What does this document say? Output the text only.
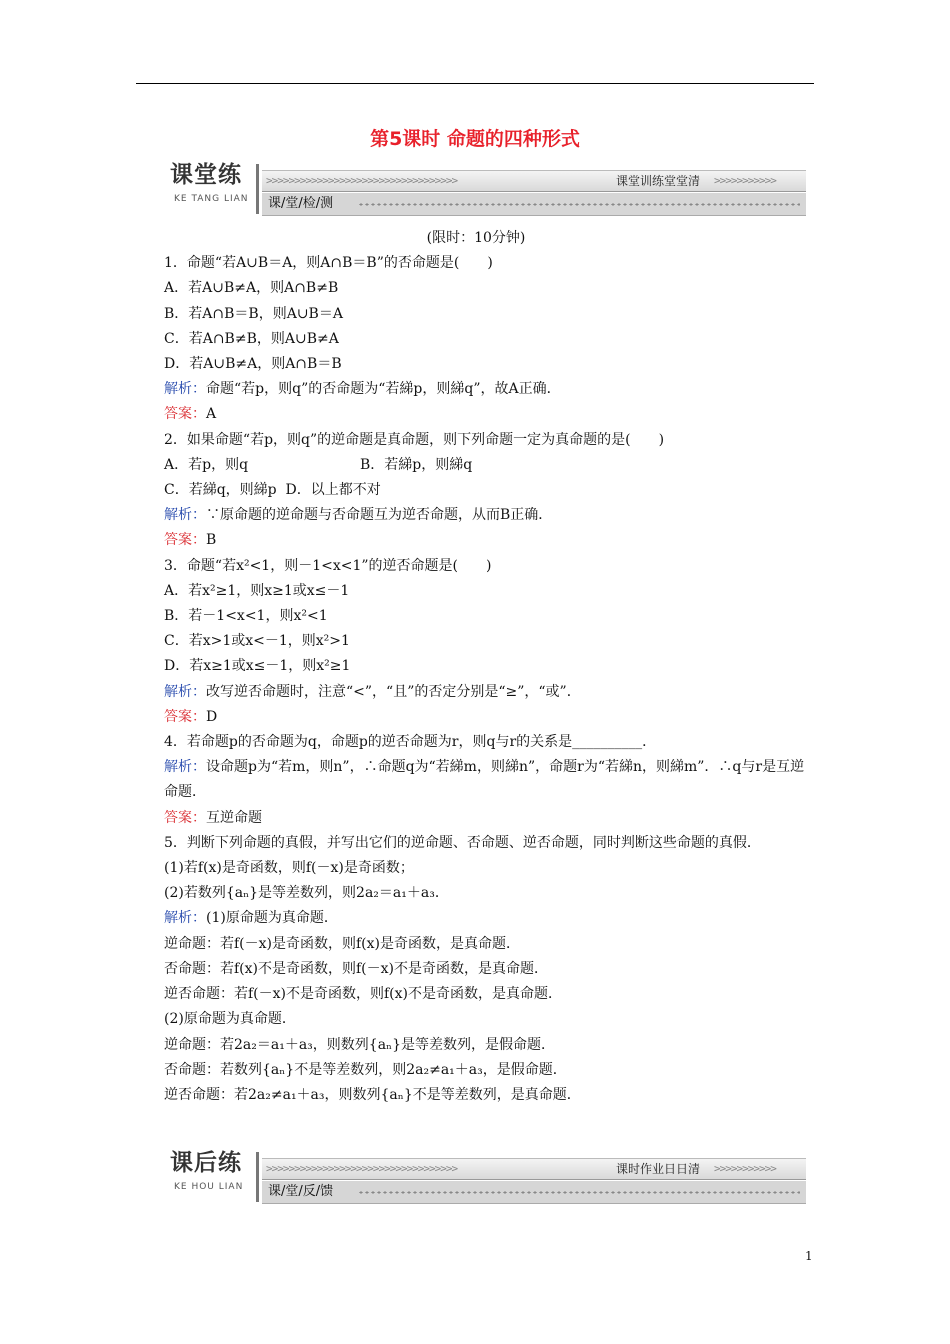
第5课时 命题的四种形式
课堂练
KE TANG LIAN
>>>>>>>>>>>>>>>>>>>>>>>>>>>>>>>>>>	课堂训练堂堂清 >>>>>>>>>>>
课/堂/检/测

(限时：10分钟)

1．命题“若A∪B＝A，则A∩B＝B”的否命题是(　　)

A．若A∪B≠A，则A∩B≠B

B．若A∩B＝B，则A∪B＝A

C．若A∩B≠B，则A∪B≠A

D．若A∪B≠A，则A∩B＝B

解析：命题“若p，则q”的否命题为“若綈p，则綈q”，故A正确．

答案：A

2．如果命题“若p，则q”的逆命题是真命题，则下列命题一定为真命题的是(　　)

A．若p，则q	B．若綈p，则綈q

C．若綈q，则綈p D．以上都不对

解析：∵原命题的逆命题与否命题互为逆否命题，从而B正确．

答案：B

3．命题“若x²<1，则－1<x<1”的逆否命题是(　　)

A．若x²≥1，则x≥1或x≤－1

B．若－1<x<1，则x²<1

C．若x>1或x<－1，则x²>1

D．若x≥1或x≤－1，则x²≥1

解析：改写逆否命题时，注意“<”，“且”的否定分别是“≥”，“或”．

答案：D

4．若命题p的否命题为q，命题p的逆否命题为r，则q与r的关系是__________．

解析：设命题p为“若m，则n”，∴命题q为“若綈m，则綈n”，命题r为“若綈n，则綈m”．∴q与r是互逆命题．

答案：互逆命题

5．判断下列命题的真假，并写出它们的逆命题、否命题、逆否命题，同时判断这些命题的真假．

(1)若f(x)是奇函数，则f(－x)是奇函数；

(2)若数列{aₙ}是等差数列，则2a₂＝a₁＋a₃．

解析：(1)原命题为真命题．

逆命题：若f(－x)是奇函数，则f(x)是奇函数，是真命题．

否命题：若f(x)不是奇函数，则f(－x)不是奇函数，是真命题．

逆否命题：若f(－x)不是奇函数，则f(x)不是奇函数，是真命题．

(2)原命题为真命题．

逆命题：若2a₂＝a₁＋a₃，则数列{aₙ}是等差数列，是假命题．

否命题：若数列{aₙ}不是等差数列，则2a₂≠a₁＋a₃，是假命题．

逆否命题：若2a₂≠a₁＋a₃，则数列{aₙ}不是等差数列，是真命题．

课后练
KE HOU LIAN
>>>>>>>>>>>>>>>>>>>>>>>>>>>>>>>>>>	课时作业日日清 >>>>>>>>>>>
课/堂/反/馈
1
